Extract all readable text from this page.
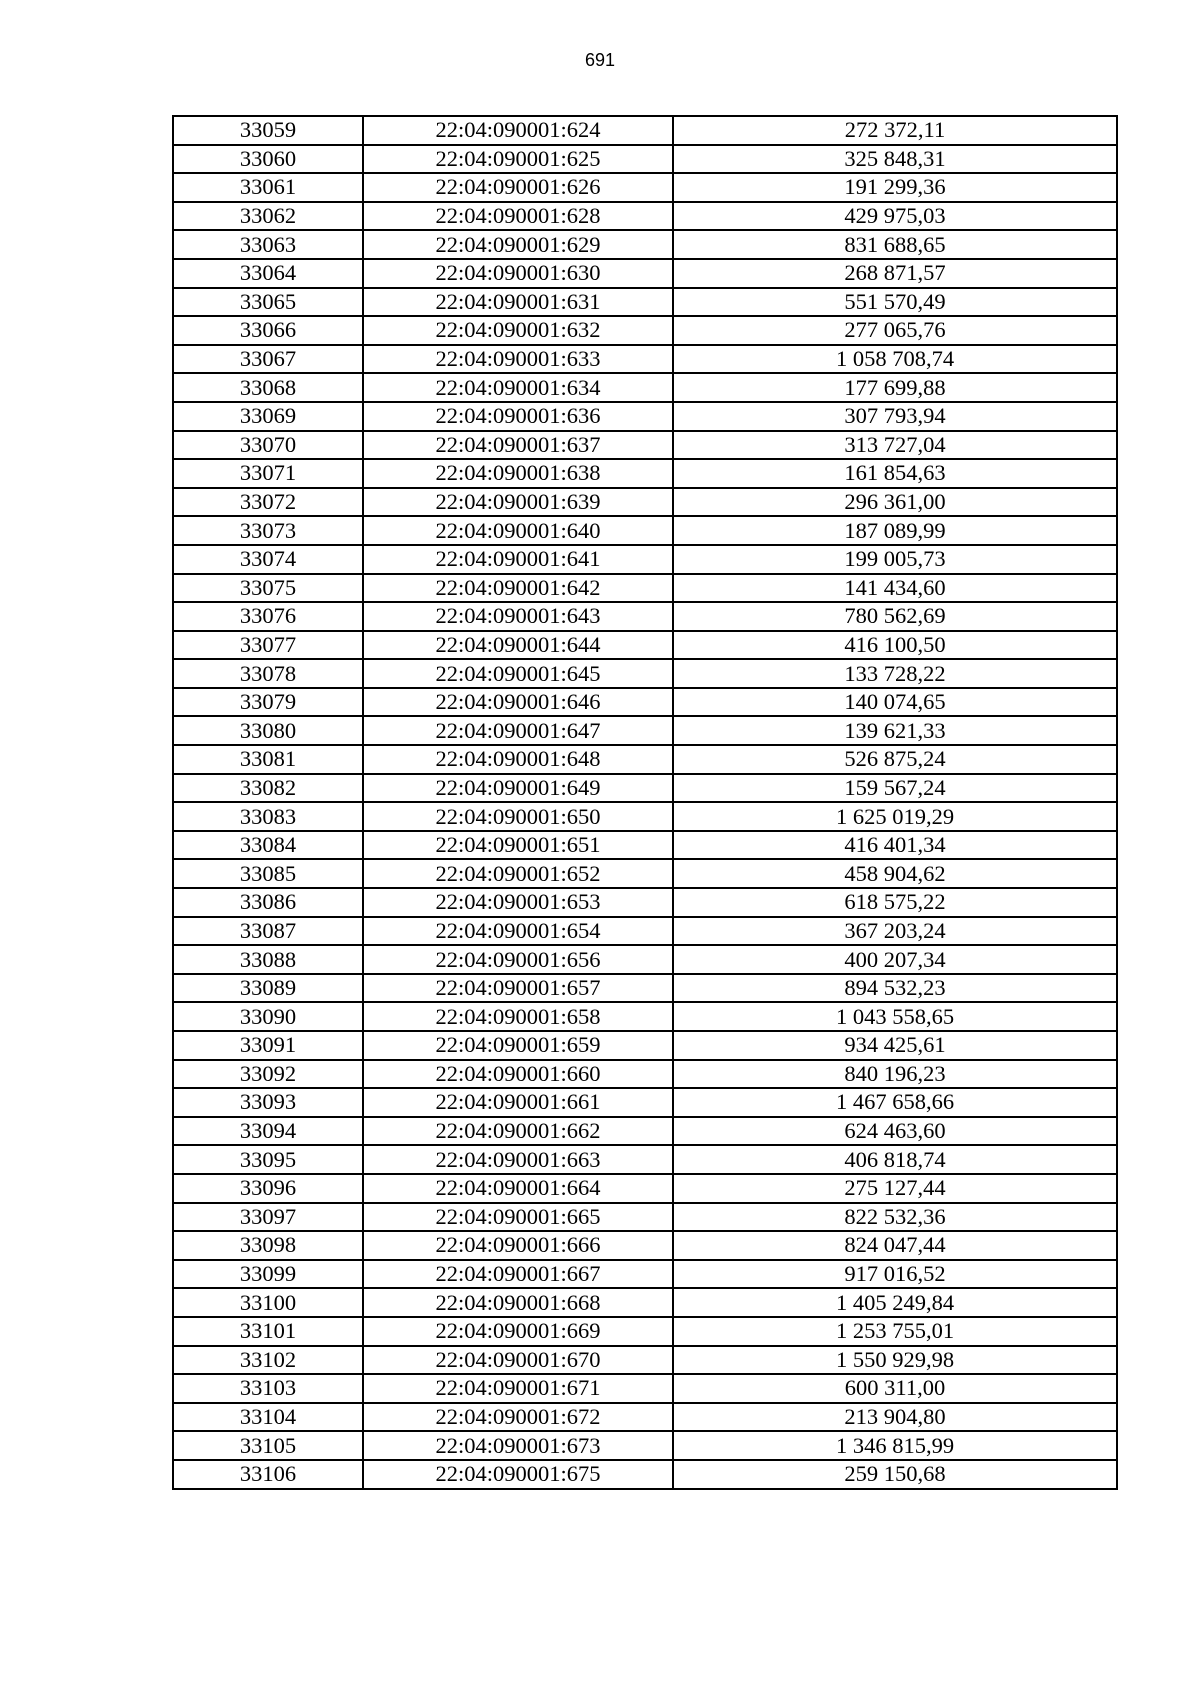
691
33059	22:04:090001:624	272 372,11
33060	22:04:090001:625	325 848,31
33061	22:04:090001:626	191 299,36
33062	22:04:090001:628	429 975,03
33063	22:04:090001:629	831 688,65
33064	22:04:090001:630	268 871,57
33065	22:04:090001:631	551 570,49
33066	22:04:090001:632	277 065,76
33067	22:04:090001:633	1 058 708,74
33068	22:04:090001:634	177 699,88
33069	22:04:090001:636	307 793,94
33070	22:04:090001:637	313 727,04
33071	22:04:090001:638	161 854,63
33072	22:04:090001:639	296 361,00
33073	22:04:090001:640	187 089,99
33074	22:04:090001:641	199 005,73
33075	22:04:090001:642	141 434,60
33076	22:04:090001:643	780 562,69
33077	22:04:090001:644	416 100,50
33078	22:04:090001:645	133 728,22
33079	22:04:090001:646	140 074,65
33080	22:04:090001:647	139 621,33
33081	22:04:090001:648	526 875,24
33082	22:04:090001:649	159 567,24
33083	22:04:090001:650	1 625 019,29
33084	22:04:090001:651	416 401,34
33085	22:04:090001:652	458 904,62
33086	22:04:090001:653	618 575,22
33087	22:04:090001:654	367 203,24
33088	22:04:090001:656	400 207,34
33089	22:04:090001:657	894 532,23
33090	22:04:090001:658	1 043 558,65
33091	22:04:090001:659	934 425,61
33092	22:04:090001:660	840 196,23
33093	22:04:090001:661	1 467 658,66
33094	22:04:090001:662	624 463,60
33095	22:04:090001:663	406 818,74
33096	22:04:090001:664	275 127,44
33097	22:04:090001:665	822 532,36
33098	22:04:090001:666	824 047,44
33099	22:04:090001:667	917 016,52
33100	22:04:090001:668	1 405 249,84
33101	22:04:090001:669	1 253 755,01
33102	22:04:090001:670	1 550 929,98
33103	22:04:090001:671	600 311,00
33104	22:04:090001:672	213 904,80
33105	22:04:090001:673	1 346 815,99
33106	22:04:090001:675	259 150,68
